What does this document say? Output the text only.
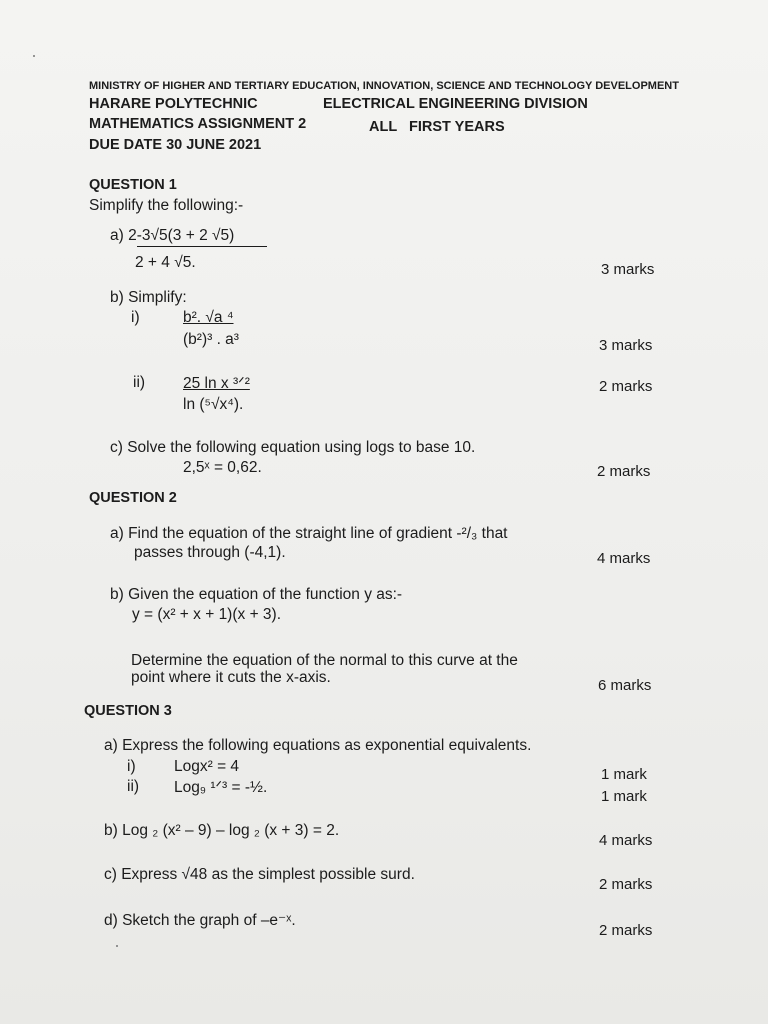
MINISTRY OF HIGHER AND TERTIARY EDUCATION, INNOVATION, SCIENCE AND TECHNOLOGY DEVELOPMENT
HARARE POLYTECHNIC	ELECTRICAL ENGINEERING DIVISION
MATHEMATICS ASSIGNMENT 2	ALL   FIRST YEARS
DUE DATE 30 JUNE 2021
QUESTION 1
Simplify the following:-
a) 2-3√5(3 + 2 √5)
2 + 4 √5.	3 marks
b) Simplify:
i)	b². √a ⁴
(b²)³ . a³	3 marks
ii) 25 ln x ³ᐟ²
ln (⁵√x⁴).
2 marks
c) Solve the following equation using logs to base 10.
2,5ˣ = 0,62.	2 marks
QUESTION 2
a) Find the equation of the straight line of gradient -²/₃ that
passes through (-4,1).	4 marks
b) Given the equation of the function y as:-
y = (x² + x + 1)(x + 3).
Determine the equation of the normal to this curve at the
point where it cuts the x-axis.	6 marks
QUESTION 3
a) Express the following equations as exponential equivalents.
i) Logx² = 4	1 mark
ii) Log₉ ¹ᐟ³ = -½.
1 mark
b) Log ₂ (x² – 9) – log ₂ (x + 3) = 2.
4 marks
c) Express √48 as the simplest possible surd.
2 marks
d) Sketch the graph of –e⁻ˣ.
2 marks
